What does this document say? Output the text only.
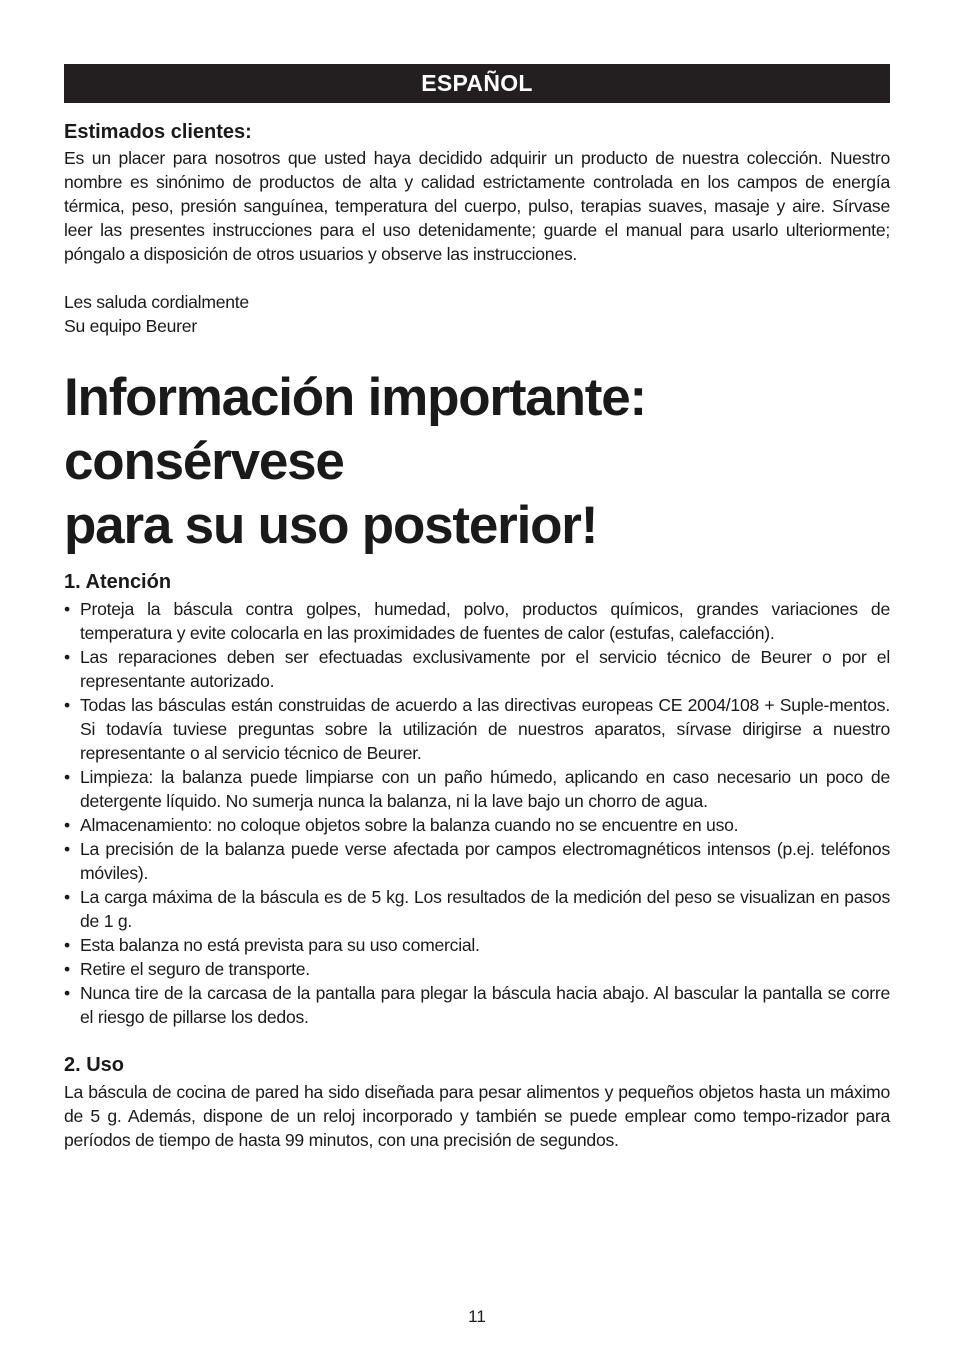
ESPAÑOL
Estimados clientes:

Es un placer para nosotros que usted haya decidido adquirir un producto de nuestra colección. Nuestro nombre es sinónimo de productos de alta y calidad estrictamente controlada en los campos de energía térmica, peso, presión sanguínea, temperatura del cuerpo, pulso, terapias suaves, masaje y aire. Sírvase leer las presentes instrucciones para el uso detenidamente; guarde el manual para usarlo ulteriormente; póngalo a disposición de otros usuarios y observe las instrucciones.

Les saluda cordialmente
Su equipo Beurer
Información importante: consérvese
para su uso posterior!
1. Atención
• Proteja la báscula contra golpes, humedad, polvo, productos químicos, grandes variaciones de temperatura y evite colocarla en las proximidades de fuentes de calor (estufas, calefacción).
• Las reparaciones deben ser efectuadas exclusivamente por el servicio técnico de Beurer o por el representante autorizado.
• Todas las básculas están construidas de acuerdo a las directivas europeas CE 2004/108 + Suple-mentos. Si todavía tuviese preguntas sobre la utilización de nuestros aparatos, sírvase dirigirse a nuestro representante o al servicio técnico de Beurer.
• Limpieza: la balanza puede limpiarse con un paño húmedo, aplicando en caso necesario un poco de detergente líquido. No sumerja nunca la balanza, ni la lave bajo un chorro de agua.
• Almacenamiento: no coloque objetos sobre la balanza cuando no se encuentre en uso.
• La precisión de la balanza puede verse afectada por campos electromagnéticos intensos (p.ej. teléfonos móviles).
• La carga máxima de la báscula es de 5 kg. Los resultados de la medición del peso se visualizan en pasos de 1 g.
• Esta balanza no está prevista para su uso comercial.
• Retire el seguro de transporte.
• Nunca tire de la carcasa de la pantalla para plegar la báscula hacia abajo. Al bascular la pantalla se corre el riesgo de pillarse los dedos.
2. Uso

La báscula de cocina de pared ha sido diseñada para pesar alimentos y pequeños objetos hasta un máximo de 5 g. Además, dispone de un reloj incorporado y también se puede emplear como tempo-rizador para períodos de tiempo de hasta 99 minutos, con una precisión de segundos.

11
